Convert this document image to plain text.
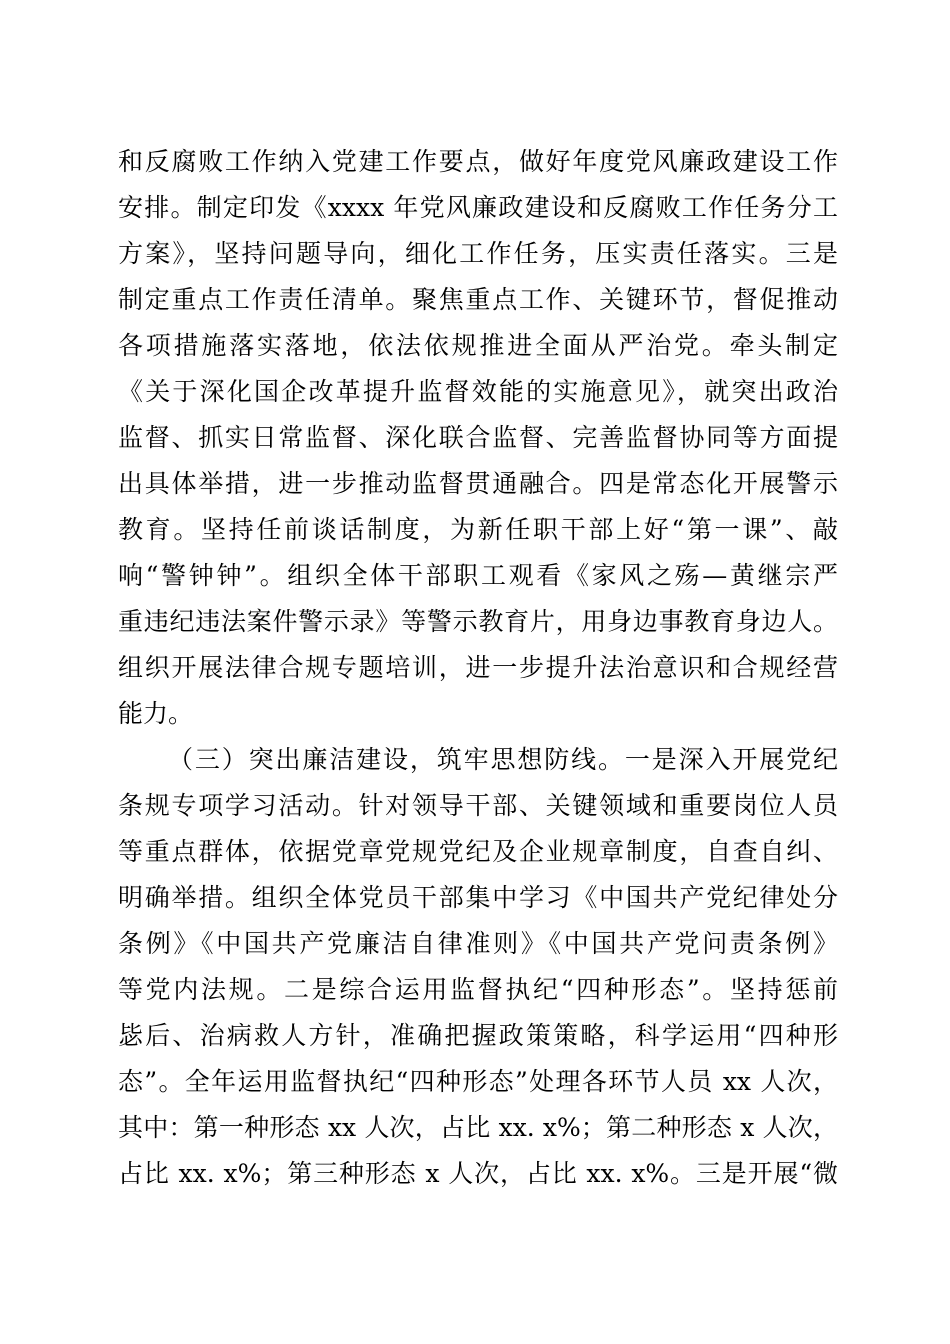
和反腐败工作纳入党建工作要点，做好年度党风廉政建设工作
安排。制定印发《xxxx 年党风廉政建设和反腐败工作任务分工
方案》，坚持问题导向，细化工作任务，压实责任落实。三是
制定重点工作责任清单。聚焦重点工作、关键环节，督促推动
各项措施落实落地，依法依规推进全面从严治党。牵头制定
《关于深化国企改革提升监督效能的实施意见》，就突出政治
监督、抓实日常监督、深化联合监督、完善监督协同等方面提
出具体举措，进一步推动监督贯通融合。四是常态化开展警示
教育。坚持任前谈话制度，为新任职干部上好“第一课”、敲
响“警钟钟”。组织全体干部职工观看《家风之殇—黄继宗严
重违纪违法案件警示录》等警示教育片，用身边事教育身边人。
组织开展法律合规专题培训，进一步提升法治意识和合规经营
能力。
（三）突出廉洁建设，筑牢思想防线。一是深入开展党纪
条规专项学习活动。针对领导干部、关键领域和重要岗位人员
等重点群体，依据党章党规党纪及企业规章制度，自查自纠、
明确举措。组织全体党员干部集中学习《中国共产党纪律处分
条例》《中国共产党廉洁自律准则》《中国共产党问责条例》
等党内法规。二是综合运用监督执纪“四种形态”。坚持惩前
毖后、治病救人方针，准确把握政策策略，科学运用“四种形
态”。全年运用监督执纪“四种形态”处理各环节人员 xx 人次，
其中：第一种形态 xx 人次，占比 xx. x%；第二种形态 x 人次，
占比 xx. x%；第三种形态 x 人次，占比 xx. x%。三是开展“微
